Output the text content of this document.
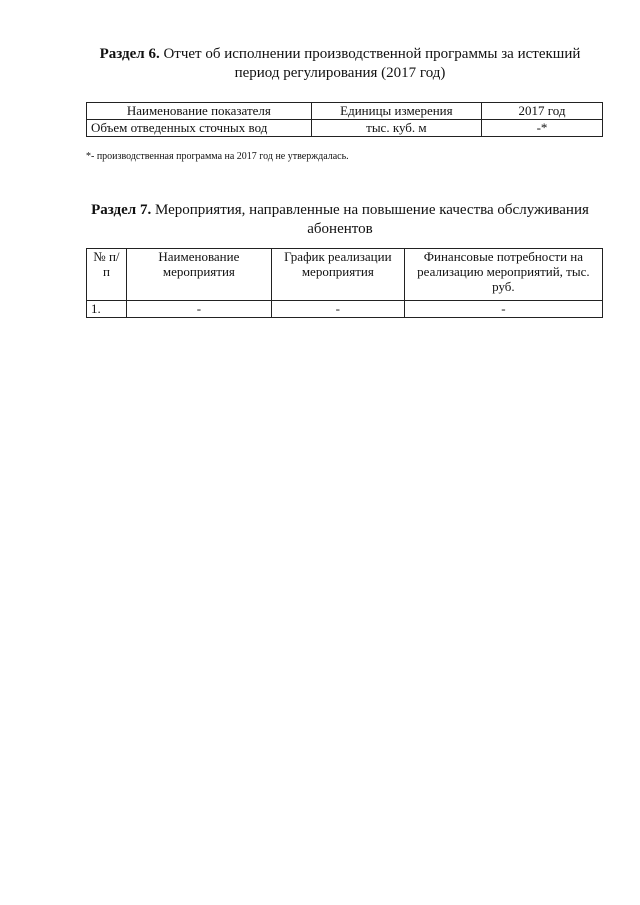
Раздел 6. Отчет об исполнении производственной программы за истекший период регулирования (2017 год)
Наименование показателя	Единицы измерения	2017 год
Объем отведенных сточных вод	тыс. куб. м	-*
*- производственная программа на 2017 год не утверждалась.
Раздел 7. Мероприятия, направленные на повышение качества обслуживания абонентов
№ п/п	Наименование мероприятия	График реализации мероприятия	Финансовые потребности на реализацию мероприятий, тыс. руб.
1.	-	-	-
